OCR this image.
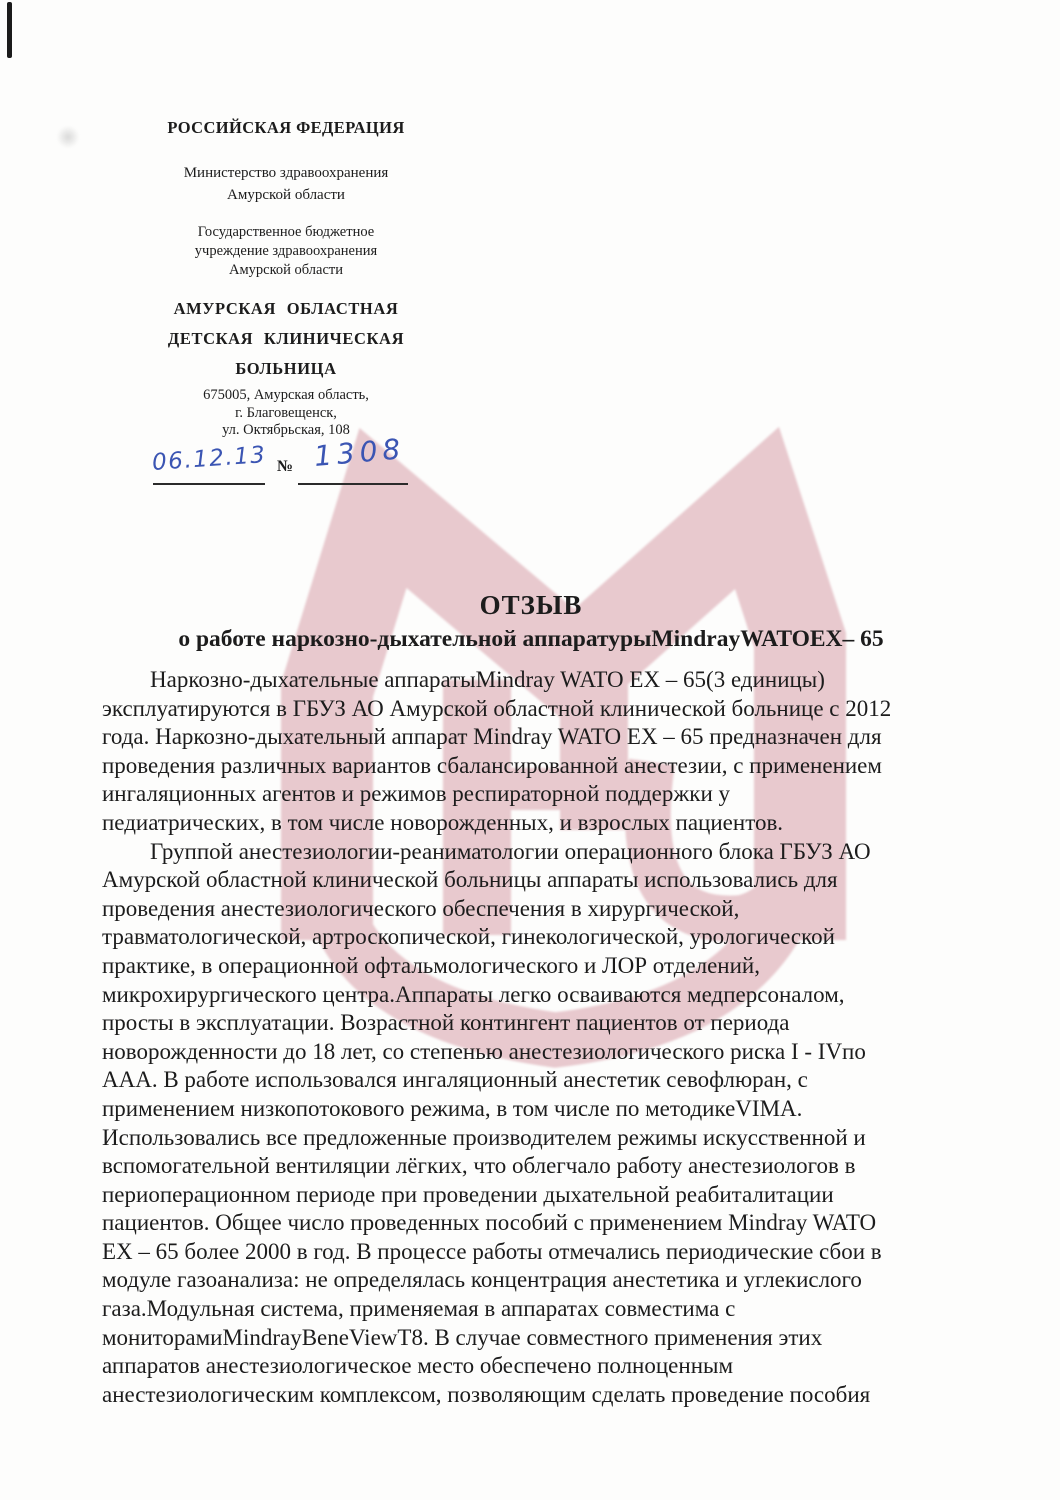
РОССИЙСКАЯ ФЕДЕРАЦИЯ
Министерство здравоохранения
Амурской области
Государственное бюджетное
учреждение здравоохранения
Амурской области
АМУРСКАЯ ОБЛАСТНАЯ
ДЕТСКАЯ КЛИНИЧЕСКАЯ
БОЛЬНИЦА
675005, Амурская область,
г. Благовещенск,
ул. Октябрьская, 108
06.12.13 № 1308
ОТЗЫВ
о работе наркозно-дыхательной аппаратурыMindrayWATOEX– 65
Наркозно-дыхательные аппаратыMindray WATO EX – 65(3 единицы)
эксплуатируются в ГБУЗ АО Амурской областной клинической больнице с 2012
года. Наркозно-дыхательный аппарат Mindray WATO EX – 65 предназначен для
проведения различных вариантов сбалансированной анестезии, с применением
ингаляционных агентов и режимов респираторной поддержки у
педиатрических, в том числе новорожденных, и взрослых пациентов.
Группой анестезиологии-реаниматологии операционного блока ГБУЗ АО
Амурской областной клинической больницы аппараты использовались для
проведения анестезиологического обеспечения в хирургической,
травматологической, артроскопической, гинекологической, урологической
практике, в операционной офтальмологического и ЛОР отделений,
микрохирургического центра.Аппараты легко осваиваются медперсоналом,
просты в эксплуатации. Возрастной контингент пациентов от периода
новорожденности до 18 лет, со степенью анестезиологического риска I - IVпо
ААА. В работе использовался ингаляционный анестетик севофлюран, с
применением низкопотокового режима, в том числе по методикеVIMA.
Использовались все предложенные производителем режимы искусственной и
вспомогательной вентиляции лёгких, что облегчало работу анестезиологов в
периоперационном периоде при проведении дыхательной реабиталитации
пациентов. Общее число проведенных пособий с применением Mindray WATO
EX – 65 более 2000 в год. В процессе работы отмечались периодические сбои в
модуле газоанализа: не определялась концентрация анестетика и углекислого
газа.Модульная система, применяемая в аппаратах совместима с
мониторамиMindrayBeneViewT8. В случае совместного применения этих
аппаратов анестезиологическое место обеспечено полноценным
анестезиологическим комплексом, позволяющим сделать проведение пособия
